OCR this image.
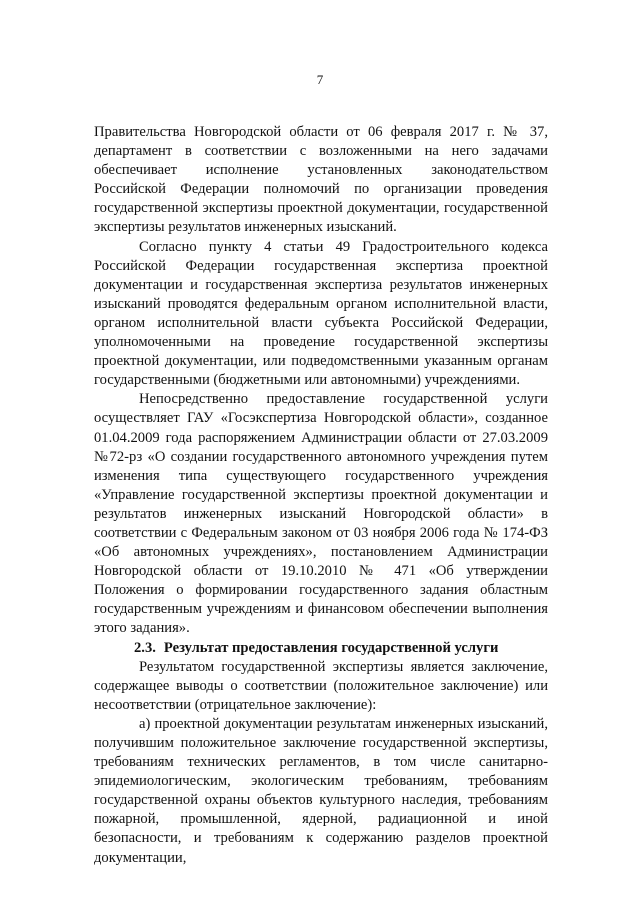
7

Правительства Новгородской области от 06 февраля 2017 г. № 37, департамент в соответствии с возложенными на него задачами обеспечивает исполнение установленных законодательством Российской Федерации полномочий по организации проведения государственной экспертизы проектной документации, государственной экспертизы результатов инженерных изысканий.

Согласно пункту 4 статьи 49 Градостроительного кодекса Российской Федерации государственная экспертиза проектной документации и государственная экспертиза результатов инженерных изысканий проводятся федеральным органом исполнительной власти, органом исполнительной власти субъекта Российской Федерации, уполномоченными на проведение государственной экспертизы проектной документации, или подведомственными указанным органам государственными (бюджетными или автономными) учреждениями.

Непосредственно предоставление государственной услуги осуществляет ГАУ «Госэкспертиза Новгородской области», созданное 01.04.2009 года распоряжением Администрации области от 27.03.2009 №72-рз «О создании государственного автономного учреждения путем изменения типа существующего государственного учреждения «Управление государственной экспертизы проектной документации и результатов инженерных изысканий Новгородской области» в соответствии с Федеральным законом от 03 ноября 2006 года № 174-ФЗ «Об автономных учреждениях», постановлением Администрации Новгородской области от 19.10.2010 № 471 «Об утверждении Положения о формировании государственного задания областным государственным учреждениям и финансовом обеспечении выполнения этого задания».

2.3. Результат предоставления государственной услуги

Результатом государственной экспертизы является заключение, содержащее выводы о соответствии (положительное заключение) или несоответствии (отрицательное заключение):

а) проектной документации результатам инженерных изысканий, получившим положительное заключение государственной экспертизы, требованиям технических регламентов, в том числе санитарно-эпидемиологическим, экологическим требованиям, требованиям государственной охраны объектов культурного наследия, требованиям пожарной, промышленной, ядерной, радиационной и иной безопасности, и требованиям к содержанию разделов проектной документации,
